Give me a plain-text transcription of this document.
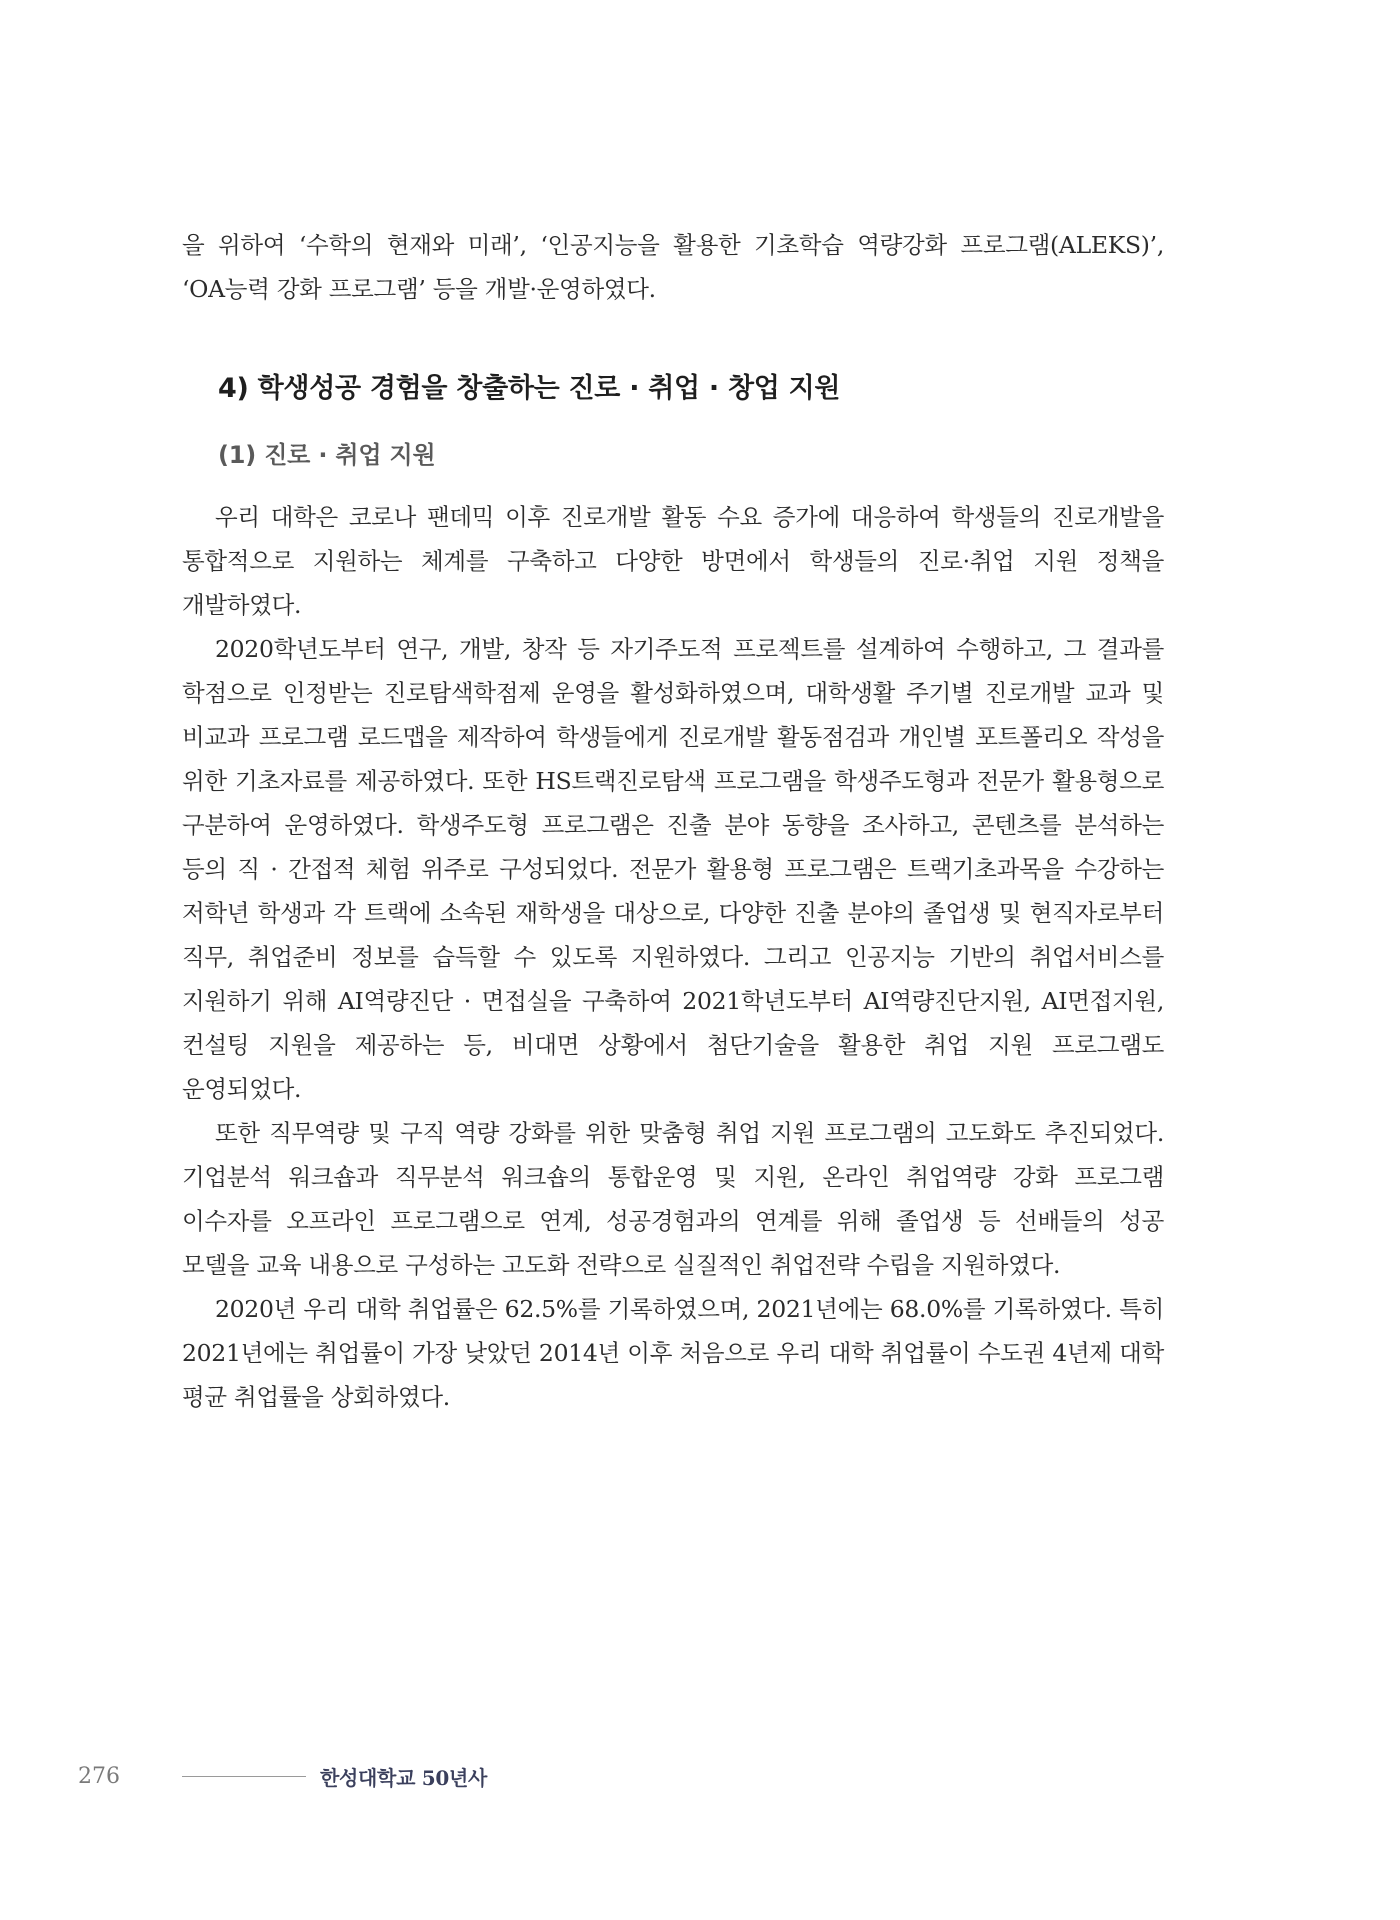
을 위하여 ‘수학의 현재와 미래’, ‘인공지능을 활용한 기초학습 역량강화 프로그램(ALEKS)’, ‘OA능력 강화 프로그램’ 등을 개발·운영하였다.

4) 학생성공 경험을 창출하는 진로 · 취업 · 창업 지원
(1) 진로 · 취업 지원

우리 대학은 코로나 팬데믹 이후 진로개발 활동 수요 증가에 대응하여 학생들의 진로개발을 통합적으로 지원하는 체계를 구축하고 다양한 방면에서 학생들의 진로·취업 지원 정책을 개발하였다.

2020학년도부터 연구, 개발, 창작 등 자기주도적 프로젝트를 설계하여 수행하고, 그 결과를 학점으로 인정받는 진로탐색학점제 운영을 활성화하였으며, 대학생활 주기별 진로개발 교과 및 비교과 프로그램 로드맵을 제작하여 학생들에게 진로개발 활동점검과 개인별 포트폴리오 작성을 위한 기초자료를 제공하였다. 또한 HS트랙진로탐색 프로그램을 학생주도형과 전문가 활용형으로 구분하여 운영하였다. 학생주도형 프로그램은 진출 분야 동향을 조사하고, 콘텐츠를 분석하는 등의 직 · 간접적 체험 위주로 구성되었다. 전문가 활용형 프로그램은 트랙기초과목을 수강하는 저학년 학생과 각 트랙에 소속된 재학생을 대상으로, 다양한 진출 분야의 졸업생 및 현직자로부터 직무, 취업준비 정보를 습득할 수 있도록 지원하였다. 그리고 인공지능 기반의 취업서비스를 지원하기 위해 AI역량진단 · 면접실을 구축하여 2021학년도부터 AI역량진단지원, AI면접지원, 컨설팅 지원을 제공하는 등, 비대면 상황에서 첨단기술을 활용한 취업 지원 프로그램도 운영되었다.

또한 직무역량 및 구직 역량 강화를 위한 맞춤형 취업 지원 프로그램의 고도화도 추진되었다. 기업분석 워크숍과 직무분석 워크숍의 통합운영 및 지원, 온라인 취업역량 강화 프로그램 이수자를 오프라인 프로그램으로 연계, 성공경험과의 연계를 위해 졸업생 등 선배들의 성공 모델을 교육 내용으로 구성하는 고도화 전략으로 실질적인 취업전략 수립을 지원하였다.

2020년 우리 대학 취업률은 62.5%를 기록하였으며, 2021년에는 68.0%를 기록하였다. 특히 2021년에는 취업률이 가장 낮았던 2014년 이후 처음으로 우리 대학 취업률이 수도권 4년제 대학 평균 취업률을 상회하였다.

276	한성대학교 50년사
